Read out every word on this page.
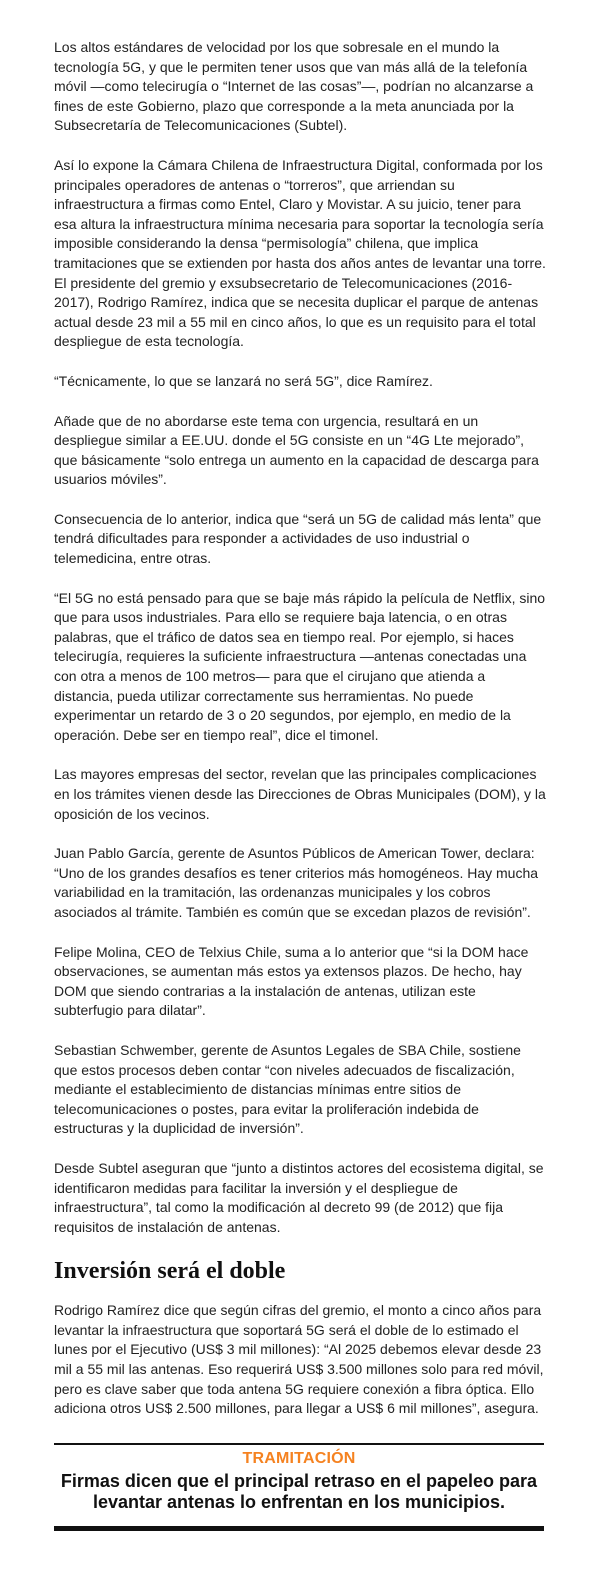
Los altos estándares de velocidad por los que sobresale en el mundo la tecnología 5G, y que le permiten tener usos que van más allá de la telefonía móvil —como telecirugía o “Internet de las cosas”—, podrían no alcanzarse a fines de este Gobierno, plazo que corresponde a la meta anunciada por la Subsecretaría de Telecomunicaciones (Subtel).

Así lo expone la Cámara Chilena de Infraestructura Digital, conformada por los principales operadores de antenas o “torreros”, que arriendan su infraestructura a firmas como Entel, Claro y Movistar. A su juicio, tener para esa altura la infraestructura mínima necesaria para soportar la tecnología sería imposible considerando la densa “permisología” chilena, que implica tramitaciones que se extienden por hasta dos años antes de levantar una torre. El presidente del gremio y exsubsecretario de Telecomunicaciones (2016-2017), Rodrigo Ramírez, indica que se necesita duplicar el parque de antenas actual desde 23 mil a 55 mil en cinco años, lo que es un requisito para el total despliegue de esta tecnología.

“Técnicamente, lo que se lanzará no será 5G”, dice Ramírez.

Añade que de no abordarse este tema con urgencia, resultará en un despliegue similar a EE.UU. donde el 5G consiste en un “4G Lte mejorado”, que básicamente “solo entrega un aumento en la capacidad de descarga para usuarios móviles”.

Consecuencia de lo anterior, indica que “será un 5G de calidad más lenta” que tendrá dificultades para responder a actividades de uso industrial o telemedicina, entre otras.

“El 5G no está pensado para que se baje más rápido la película de Netflix, sino que para usos industriales. Para ello se requiere baja latencia, o en otras palabras, que el tráfico de datos sea en tiempo real. Por ejemplo, si haces telecirugía, requieres la suficiente infraestructura —antenas conectadas una con otra a menos de 100 metros— para que el cirujano que atienda a distancia, pueda utilizar correctamente sus herramientas. No puede experimentar un retardo de 3 o 20 segundos, por ejemplo, en medio de la operación. Debe ser en tiempo real”, dice el timonel.

Las mayores empresas del sector, revelan que las principales complicaciones en los trámites vienen desde las Direcciones de Obras Municipales (DOM), y la oposición de los vecinos.

Juan Pablo García, gerente de Asuntos Públicos de American Tower, declara: “Uno de los grandes desafíos es tener criterios más homogéneos. Hay mucha variabilidad en la tramitación, las ordenanzas municipales y los cobros asociados al trámite. También es común que se excedan plazos de revisión”.

Felipe Molina, CEO de Telxius Chile, suma a lo anterior que “si la DOM hace observaciones, se aumentan más estos ya extensos plazos. De hecho, hay DOM que siendo contrarias a la instalación de antenas, utilizan este subterfugio para dilatar”.

Sebastian Schwember, gerente de Asuntos Legales de SBA Chile, sostiene que estos procesos deben contar “con niveles adecuados de fiscalización, mediante el establecimiento de distancias mínimas entre sitios de telecomunicaciones o postes, para evitar la proliferación indebida de estructuras y la duplicidad de inversión”.

Desde Subtel aseguran que “junto a distintos actores del ecosistema digital, se identificaron medidas para facilitar la inversión y el despliegue de infraestructura”, tal como la modificación al decreto 99 (de 2012) que fija requisitos de instalación de antenas.

Inversión será el doble

Rodrigo Ramírez dice que según cifras del gremio, el monto a cinco años para levantar la infraestructura que soportará 5G será el doble de lo estimado el lunes por el Ejecutivo (US$ 3 mil millones): “Al 2025 debemos elevar desde 23 mil a 55 mil las antenas. Eso requerirá US$ 3.500 millones solo para red móvil, pero es clave saber que toda antena 5G requiere conexión a fibra óptica. Ello adiciona otros US$ 2.500 millones, para llegar a US$ 6 mil millones”, asegura.

TRAMITACIÓN
Firmas dicen que el principal retraso en el papeleo para levantar antenas lo enfrentan en los municipios.
